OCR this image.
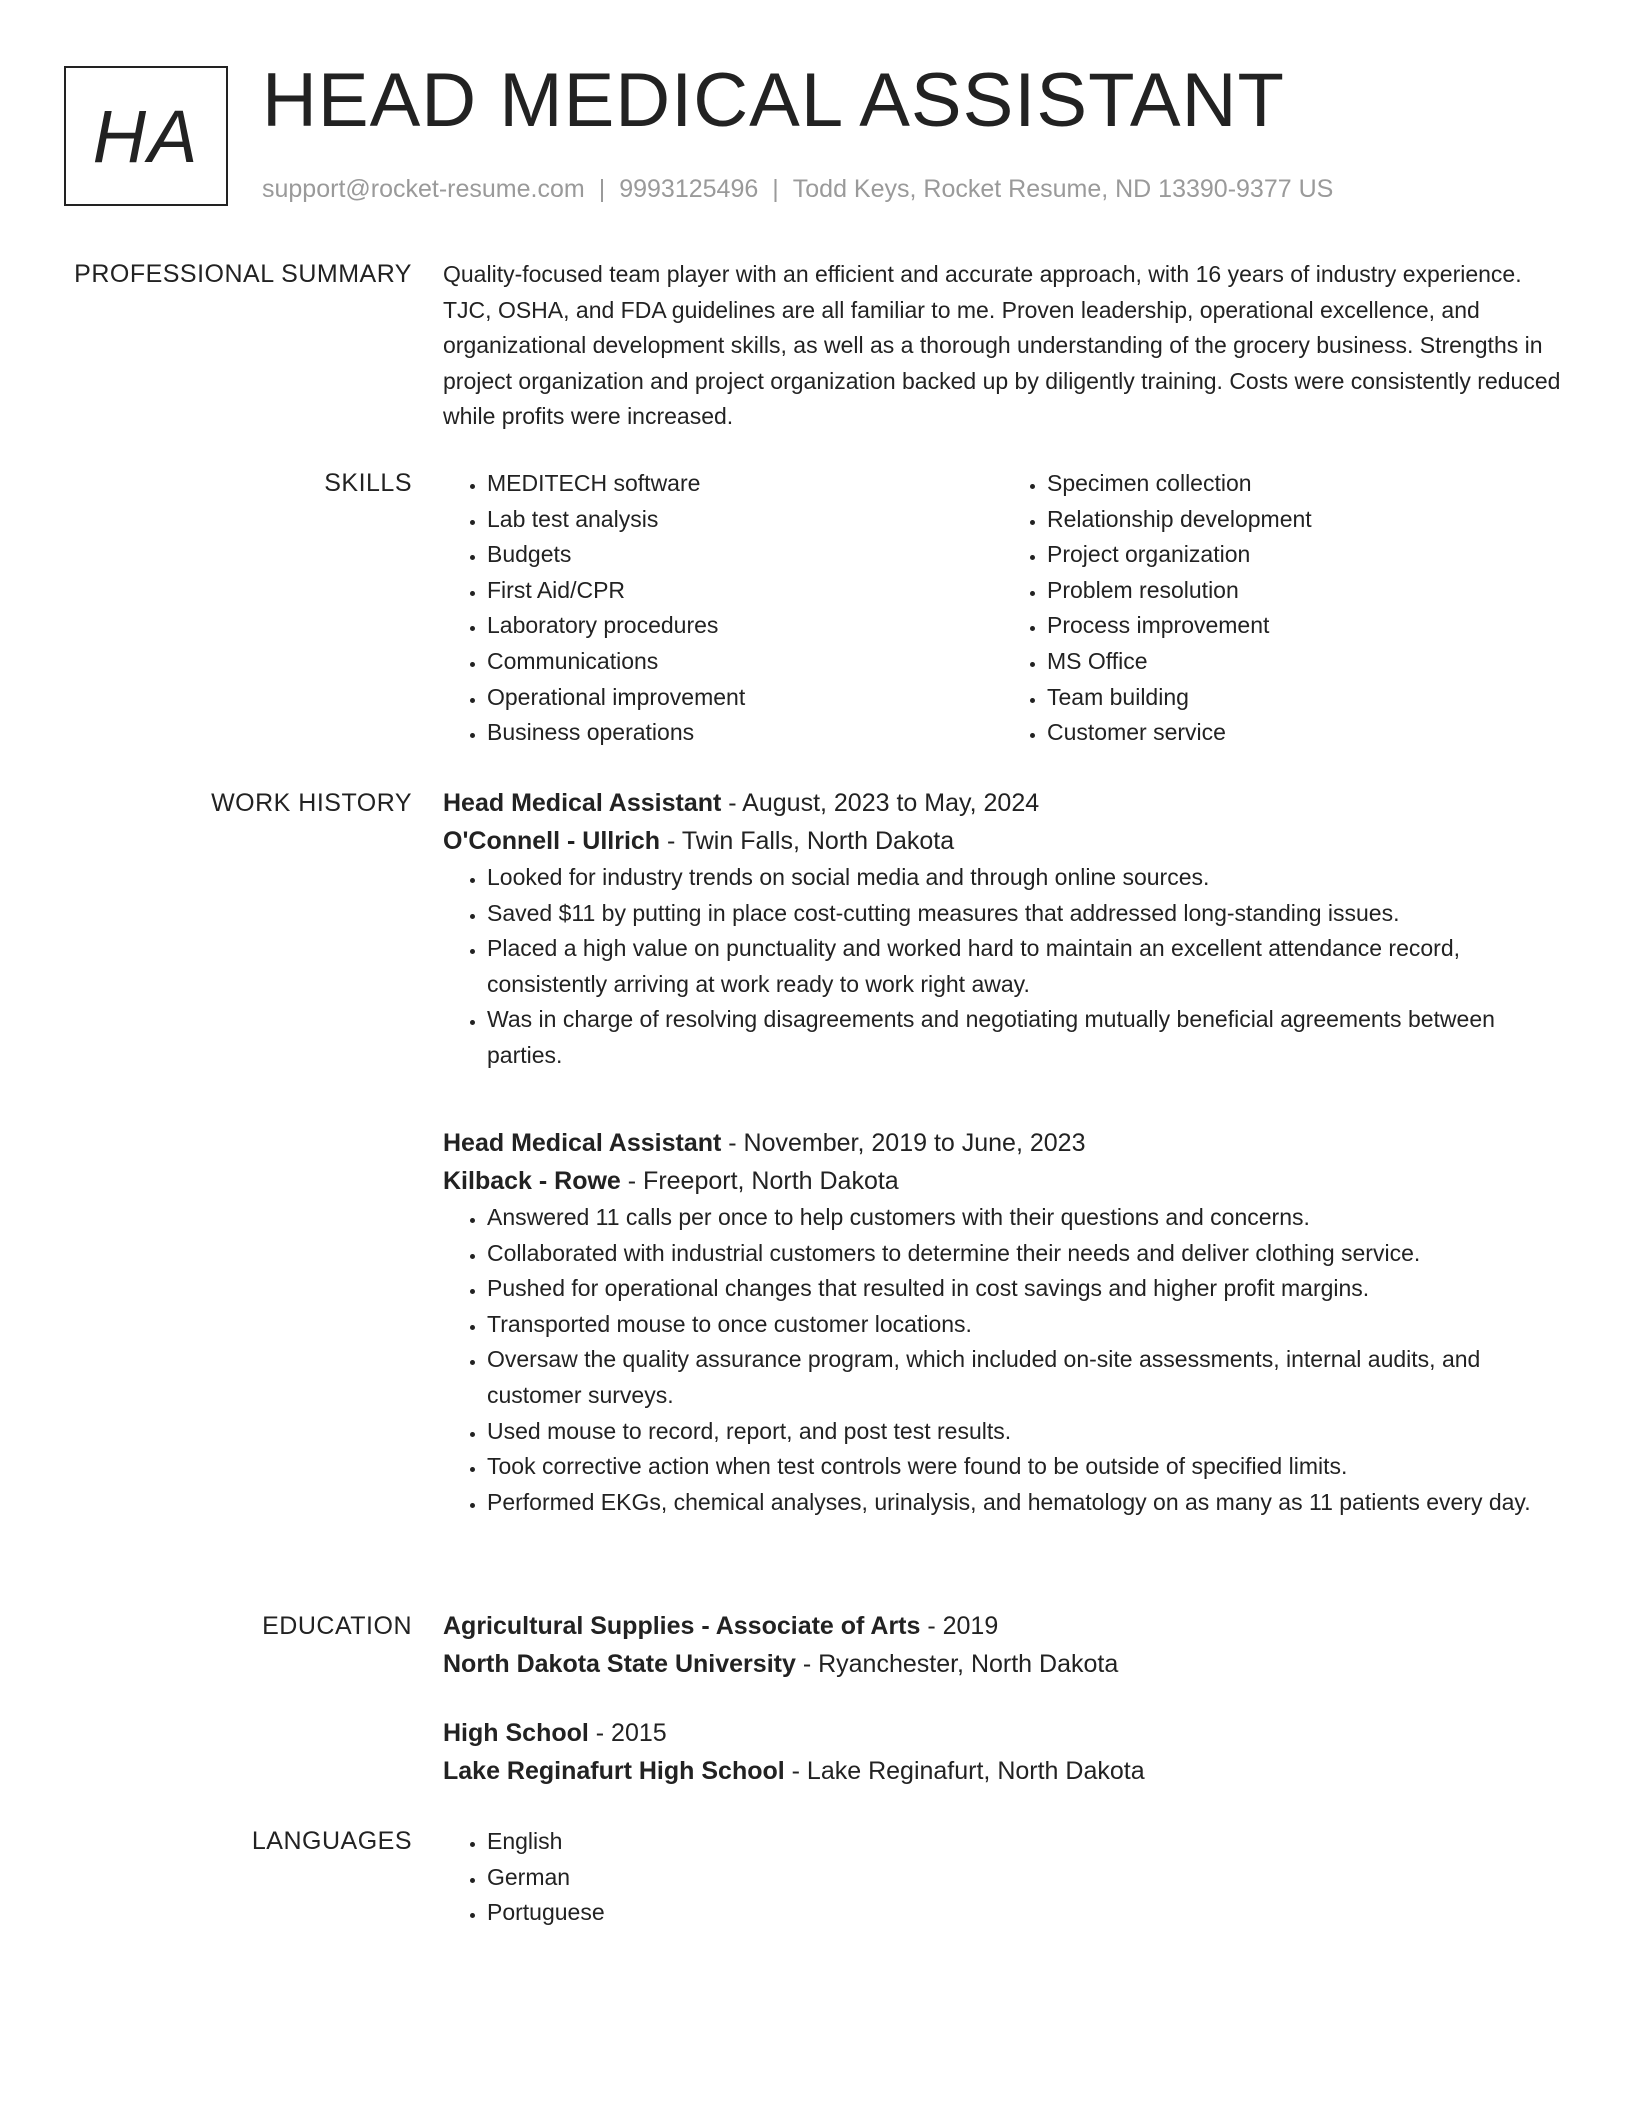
HA HEAD MEDICAL ASSISTANT
support@rocket-resume.com | 9993125496 | Todd Keys, Rocket Resume, ND 13390-9377 US
PROFESSIONAL SUMMARY Quality-focused team player with an efficient and accurate approach, with 16 years of industry experience. TJC, OSHA, and FDA guidelines are all familiar to me. Proven leadership, operational excellence, and organizational development skills, as well as a thorough understanding of the grocery business. Strengths in project organization and project organization backed up by diligently training. Costs were consistently reduced while profits were increased.

SKILLS	• MEDITECH software
• Lab test analysis
• Budgets
• First Aid/CPR
• Laboratory procedures
• Communications
• Operational improvement
• Business operations
• Specimen collection
• Relationship development
• Project organization
• Problem resolution
• Process improvement
• MS Office
• Team building
• Customer service
WORK HISTORY Head Medical Assistant - August, 2023 to May, 2024
O'Connell - Ullrich - Twin Falls, North Dakota
• Looked for industry trends on social media and through online sources.
• Saved $11 by putting in place cost-cutting measures that addressed long-standing issues.
• Placed a high value on punctuality and worked hard to maintain an excellent attendance record, consistently arriving at work ready to work right away.
• Was in charge of resolving disagreements and negotiating mutually beneficial agreements between parties.
Head Medical Assistant - November, 2019 to June, 2023
Kilback - Rowe - Freeport, North Dakota
• Answered 11 calls per once to help customers with their questions and concerns.
• Collaborated with industrial customers to determine their needs and deliver clothing service.
• Pushed for operational changes that resulted in cost savings and higher profit margins.
• Transported mouse to once customer locations.
• Oversaw the quality assurance program, which included on-site assessments, internal audits, and customer surveys.
• Used mouse to record, report, and post test results.
• Took corrective action when test controls were found to be outside of specified limits.
• Performed EKGs, chemical analyses, urinalysis, and hematology on as many as 11 patients every day.
EDUCATION Agricultural Supplies - Associate of Arts - 2019
North Dakota State University - Ryanchester, North Dakota
High School - 2015
Lake Reginafurt High School - Lake Reginafurt, North Dakota
LANGUAGES	• English
• German
• Portuguese
